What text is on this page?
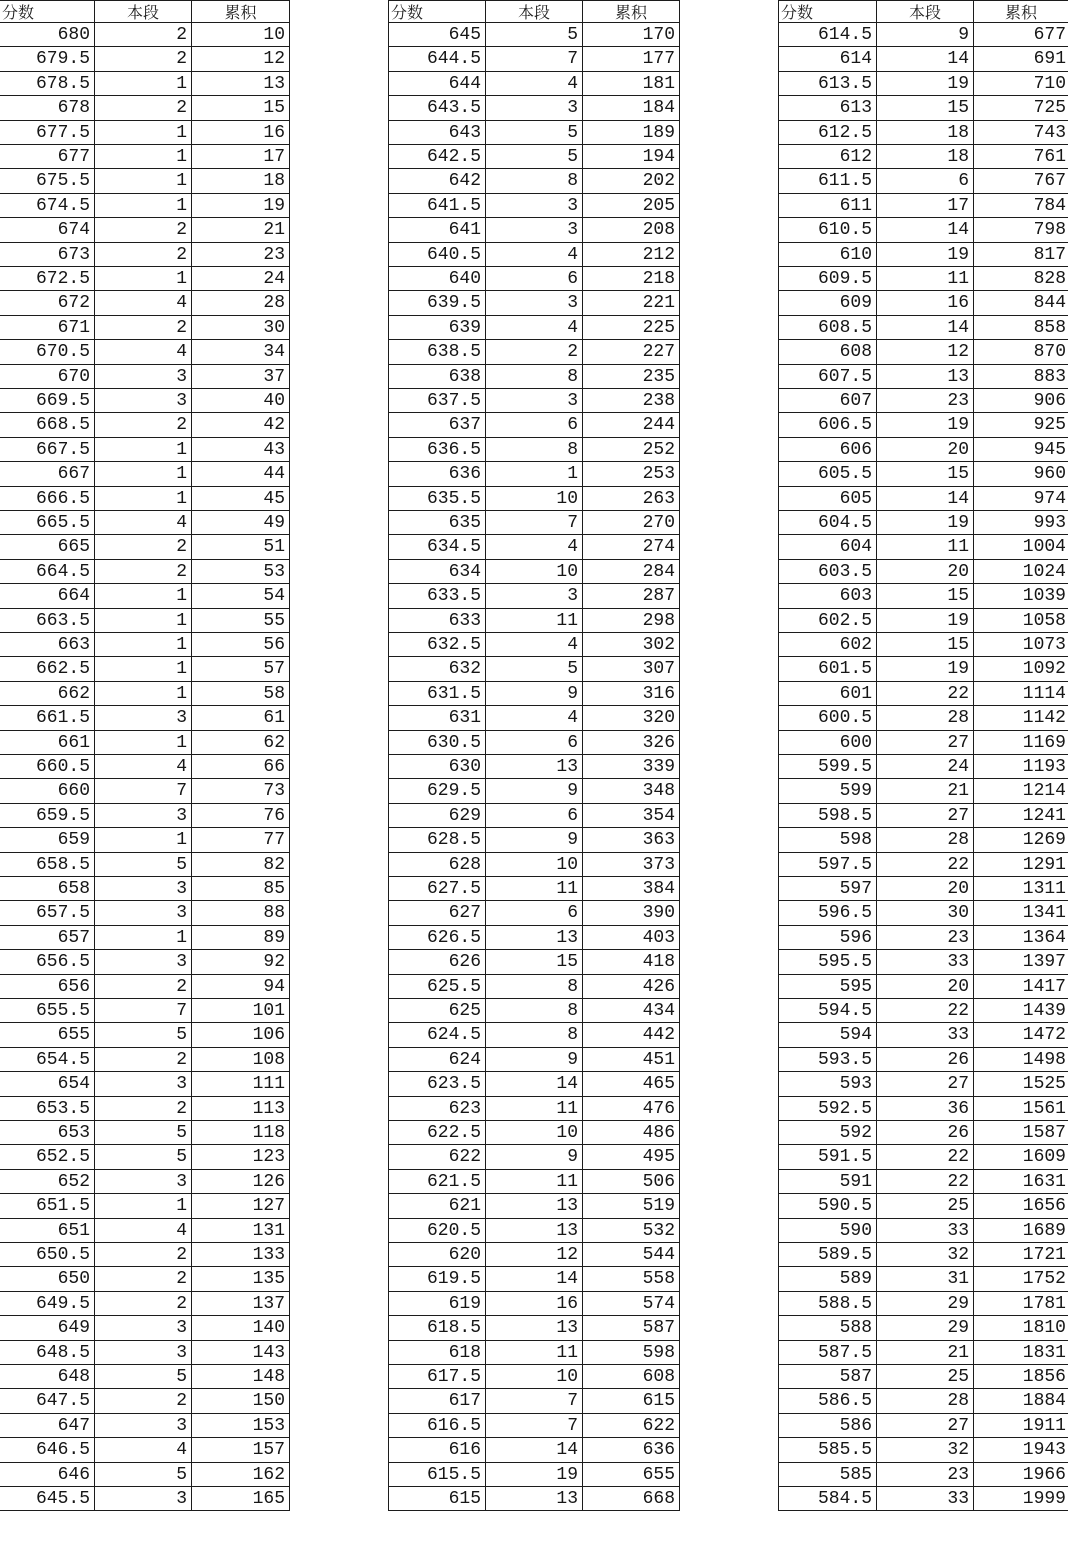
分数	本段	累积
680	2	10
679.5	2	12
678.5	1	13
678	2	15
677.5	1	16
677	1	17
675.5	1	18
674.5	1	19
674	2	21
673	2	23
672.5	1	24
672	4	28
671	2	30
670.5	4	34
670	3	37
669.5	3	40
668.5	2	42
667.5	1	43
667	1	44
666.5	1	45
665.5	4	49
665	2	51
664.5	2	53
664	1	54
663.5	1	55
663	1	56
662.5	1	57
662	1	58
661.5	3	61
661	1	62
660.5	4	66
660	7	73
659.5	3	76
659	1	77
658.5	5	82
658	3	85
657.5	3	88
657	1	89
656.5	3	92
656	2	94
655.5	7	101
655	5	106
654.5	2	108
654	3	111
653.5	2	113
653	5	118
652.5	5	123
652	3	126
651.5	1	127
651	4	131
650.5	2	133
650	2	135
649.5	2	137
649	3	140
648.5	3	143
648	5	148
647.5	2	150
647	3	153
646.5	4	157
646	5	162
645.5	3	165
分数	本段	累积
645	5	170
644.5	7	177
644	4	181
643.5	3	184
643	5	189
642.5	5	194
642	8	202
641.5	3	205
641	3	208
640.5	4	212
640	6	218
639.5	3	221
639	4	225
638.5	2	227
638	8	235
637.5	3	238
637	6	244
636.5	8	252
636	1	253
635.5	10	263
635	7	270
634.5	4	274
634	10	284
633.5	3	287
633	11	298
632.5	4	302
632	5	307
631.5	9	316
631	4	320
630.5	6	326
630	13	339
629.5	9	348
629	6	354
628.5	9	363
628	10	373
627.5	11	384
627	6	390
626.5	13	403
626	15	418
625.5	8	426
625	8	434
624.5	8	442
624	9	451
623.5	14	465
623	11	476
622.5	10	486
622	9	495
621.5	11	506
621	13	519
620.5	13	532
620	12	544
619.5	14	558
619	16	574
618.5	13	587
618	11	598
617.5	10	608
617	7	615
616.5	7	622
616	14	636
615.5	19	655
615	13	668
分数	本段	累积
614.5	9	677
614	14	691
613.5	19	710
613	15	725
612.5	18	743
612	18	761
611.5	6	767
611	17	784
610.5	14	798
610	19	817
609.5	11	828
609	16	844
608.5	14	858
608	12	870
607.5	13	883
607	23	906
606.5	19	925
606	20	945
605.5	15	960
605	14	974
604.5	19	993
604	11	1004
603.5	20	1024
603	15	1039
602.5	19	1058
602	15	1073
601.5	19	1092
601	22	1114
600.5	28	1142
600	27	1169
599.5	24	1193
599	21	1214
598.5	27	1241
598	28	1269
597.5	22	1291
597	20	1311
596.5	30	1341
596	23	1364
595.5	33	1397
595	20	1417
594.5	22	1439
594	33	1472
593.5	26	1498
593	27	1525
592.5	36	1561
592	26	1587
591.5	22	1609
591	22	1631
590.5	25	1656
590	33	1689
589.5	32	1721
589	31	1752
588.5	29	1781
588	29	1810
587.5	21	1831
587	25	1856
586.5	28	1884
586	27	1911
585.5	32	1943
585	23	1966
584.5	33	1999
